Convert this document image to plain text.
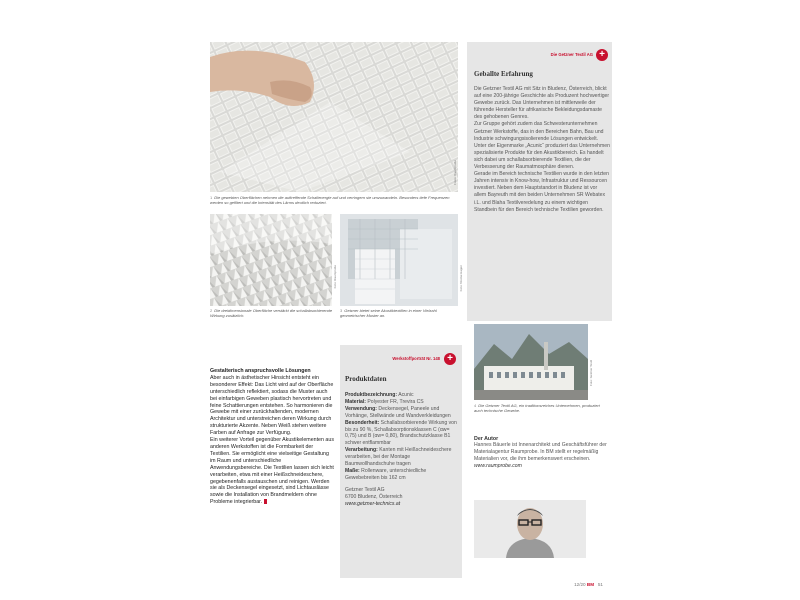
Fotos: Raumprobe
1 Die gewebten Oberflächen nehmen die auftreffende Schallenergie auf und verringern sie umzuwandeln. Besonders tiefe Frequenzen werden so gefiltert und die Intensität des Lärms deutlich reduziert.
Foto: Raumprobe
2 Die dreidimensionale Oberfläche verstärkt die schallabsorbierende Wirkung zusätzlich.
Foto: Nicolai Hagen
3 Getzner bietet seine Akustiktextilien in einer Vielzahl geometrischer Muster an.
Die Getzner Textil AG +
Geballte Erfahrung
Die Getzner Textil AG mit Sitz in Bludenz, Österreich, blickt auf eine 200-jährige Geschichte als Produzent hochwertiger Gewebe zurück. Das Unternehmen ist mittlerweile der führende Hersteller für afrikanische Bekleidungsdamaste des gehobenen Genres.
Zur Gruppe gehört zudem das Schwesterunternehmen Getzner Werkstoffe, das in den Bereichen Bahn, Bau und Industrie schwingungsisolierende Lösungen entwickelt. Unter der Eigenmarke „Acunic“ produziert das Unternehmen spezialisierte Produkte für den Akustikbereich. Es handelt sich dabei um schallabsorbierende Textilien, die der Verbesserung der Raumatmosphäre dienen.
Gerade im Bereich technische Textilien wurde in den letzten Jahren intensiv in Know-how, Infrastruktur und Ressourcen investiert. Neben dem Hauptstandort in Bludenz ist vor allem Bayreuth mit den beiden Unternehmen SR Webatex i.L. und Blaha Textilveredelung zu einem wichtigen Standbein für den Bereich technische Textilien geworden.
Foto: Getzner Textil
4 Die Getzner Textil AG, ein traditionsreiches Unternehmen, produziert auch technische Gewebe.
Gestalterisch anspruchsvolle Lösungen
Aber auch in ästhetischer Hinsicht entsteht ein besonderer Effekt: Das Licht wird auf der Oberfläche unterschiedlich reflektiert, sodass die Muster auch bei einfarbigen Geweben plastisch hervortreten und feine Schattierungen entstehen. So harmonieren die Gewebe mit einer zurückhaltenden, modernen Architektur und unterstreichen deren Wirkung durch strukturierte Akzente. Neben Weiß stehen weitere Farben auf Anfrage zur Verfügung.
Ein weiterer Vorteil gegenüber Akustikelementen aus anderen Werkstoffen ist die Formbarkeit der Textilien. Sie ermöglicht eine vielseitige Gestaltung im Raum und unterschiedliche Anwendungsbereiche. Die Textilien lassen sich leicht verarbeiten, etwa mit einer Heißschneideschere, gegebenenfalls austauschen und reinigen. Werden sie als Deckensegel eingesetzt, sind Lichtauslässe sowie die Installation von Brandmeldern ohne Probleme integrierbar.
Werkstoffporträt Nr. 148 +
Produktdaten
Produktbezeichnung: Acunic
Material: Polyester FR, Trevira CS
Verwendung: Deckensegel, Paneele und Vorhänge, Stellwände und Wandverkleidungen
Besonderheit: Schallabsorbierende Wirkung von bis zu 90 %, Schallabsorptionsklassen C (αw= 0,75) und B (αw= 0,80), Brandschutzklasse B1 schwer entflammbar
Verarbeitung: Kanten mit Heißschneideschere verarbeiten, bei der Montage Baumwollhandschuhe tragen
Maße: Rollenware, unterschiedliche Gewebebreiten bis 162 cm
Getzner Textil AG
6700 Bludenz, Österreich
www.getzner-technics.at
Der Autor
Hannes Bäuerle ist Innenarchitekt und Geschäftsführer der Materialagentur Raumprobe. In BM stellt er regelmäßig Materialien vor, die ihm bemerkenswert erscheinen.
www.raumprobe.com
12/20 BM 51
